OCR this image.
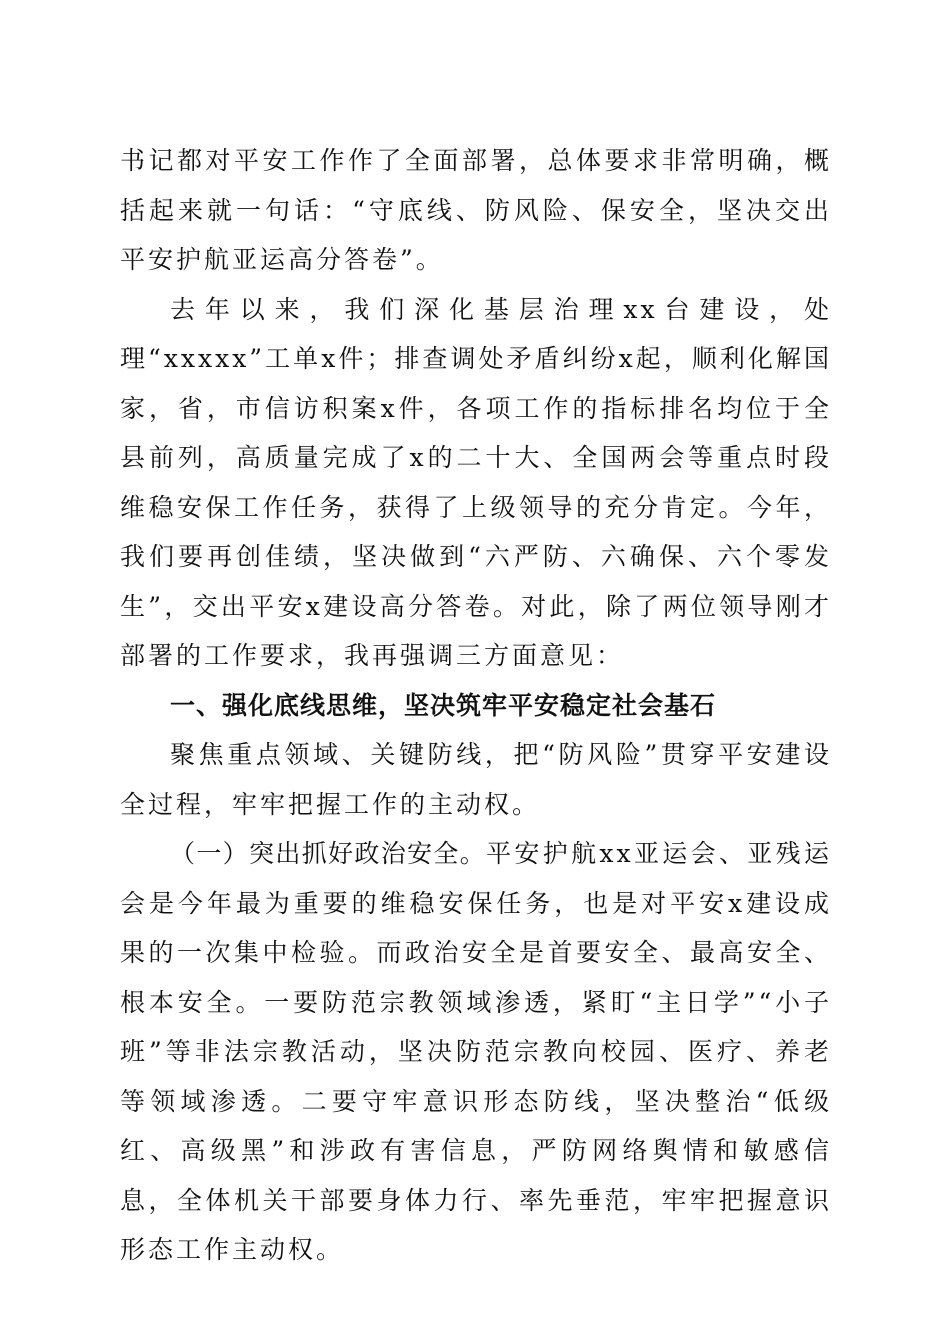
书记都对平安工作作了全面部署，总体要求非常明确，概括起来就一句话：“守底线、防风险、保安全，坚决交出平安护航亚运高分答卷”。

去年以来，我们深化基层治理xx台建设，处理“xxxxx”工单x件；排查调处矛盾纠纷x起，顺利化解国家，省，市信访积案x件，各项工作的指标排名均位于全县前列，高质量完成了x的二十大、全国两会等重点时段维稳安保工作任务，获得了上级领导的充分肯定。今年，我们要再创佳绩，坚决做到“六严防、六确保、六个零发生”，交出平安x建设高分答卷。对此，除了两位领导刚才部署的工作要求，我再强调三方面意见：

一、强化底线思维，坚决筑牢平安稳定社会基石

聚焦重点领域、关键防线，把“防风险”贯穿平安建设全过程，牢牢把握工作的主动权。

（一）突出抓好政治安全。平安护航xx亚运会、亚残运会是今年最为重要的维稳安保任务，也是对平安x建设成果的一次集中检验。而政治安全是首要安全、最高安全、根本安全。一要防范宗教领域渗透，紧盯“主日学”“小子班”等非法宗教活动，坚决防范宗教向校园、医疗、养老等领域渗透。二要守牢意识形态防线，坚决整治“低级红、高级黑”和涉政有害信息，严防网络舆情和敏感信息，全体机关干部要身体力行、率先垂范，牢牢把握意识形态工作主动权。
